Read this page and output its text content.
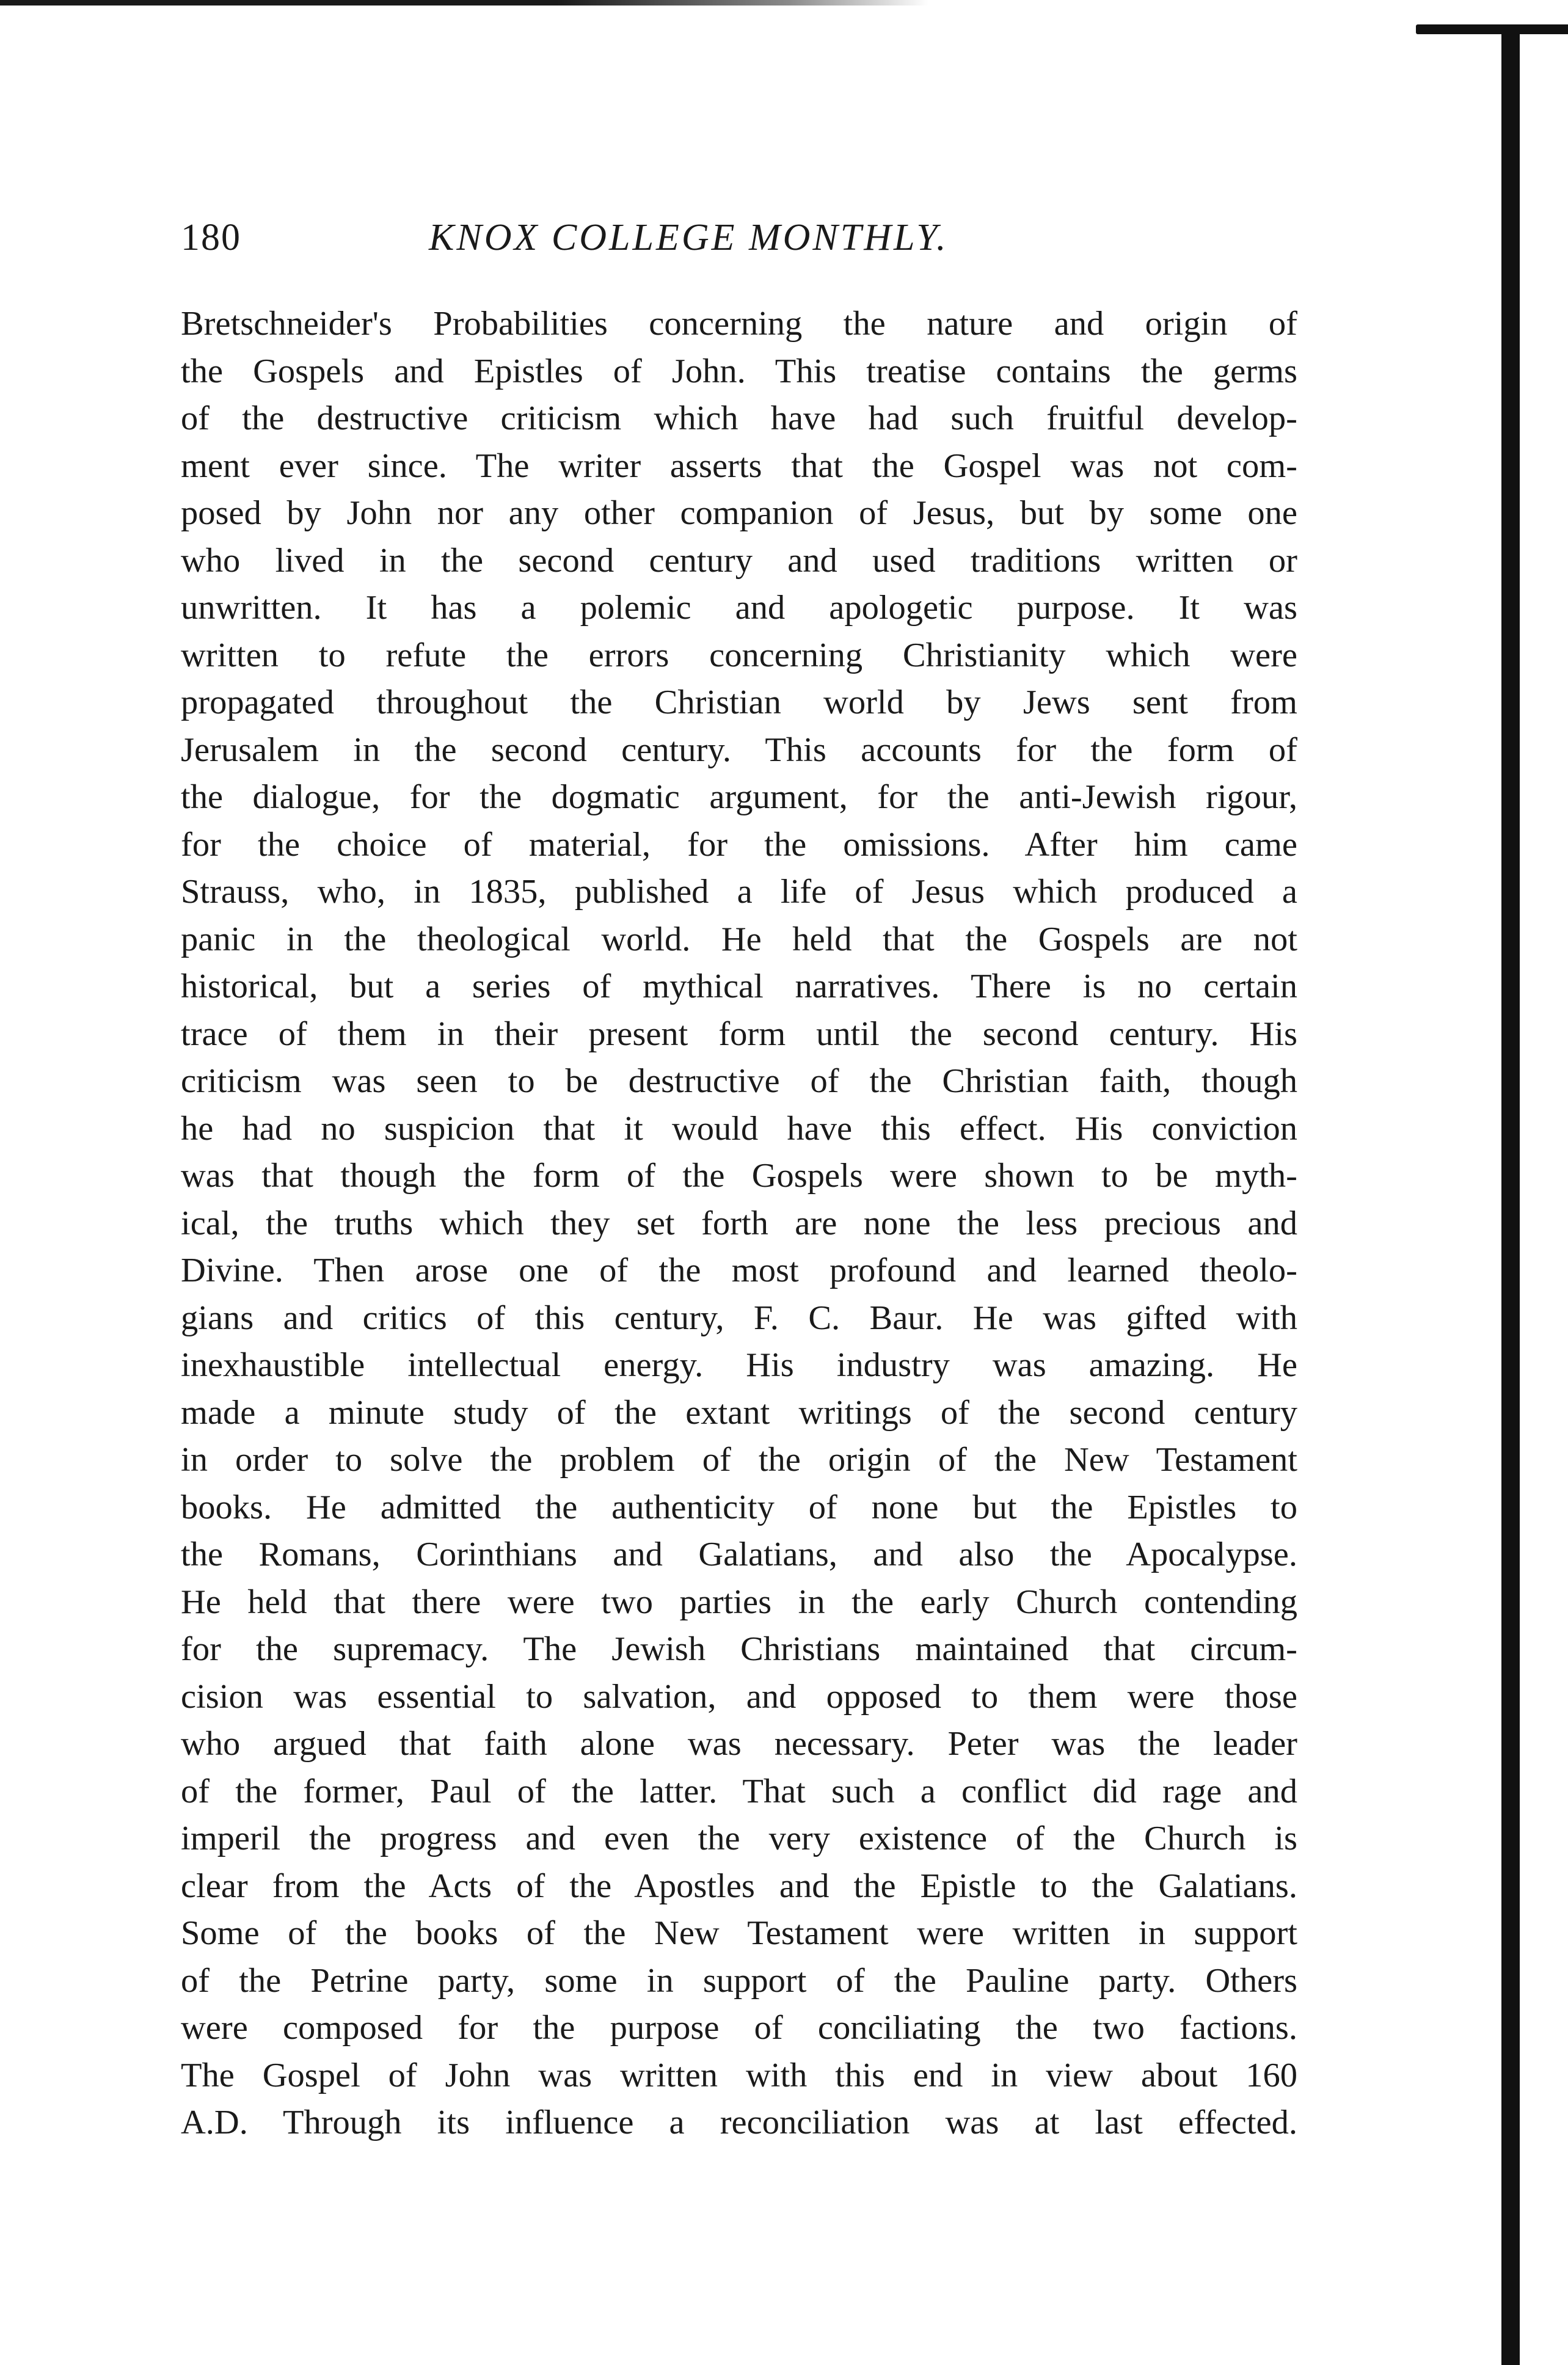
180	KNOX COLLEGE MONTHLY.
Bretschneider's Probabilities concerning the nature and origin of
the Gospels and Epistles of John. This treatise contains the germs
of the destructive criticism which have had such fruitful develop-
ment ever since. The writer asserts that the Gospel was not com-
posed by John nor any other companion of Jesus, but by some one
who lived in the second century and used traditions written or
unwritten. It has a polemic and apologetic purpose. It was
written to refute the errors concerning Christianity which were
propagated throughout the Christian world by Jews sent from
Jerusalem in the second century. This accounts for the form of
the dialogue, for the dogmatic argument, for the anti-Jewish rigour,
for the choice of material, for the omissions. After him came
Strauss, who, in 1835, published a life of Jesus which produced a
panic in the theological world. He held that the Gospels are not
historical, but a series of mythical narratives. There is no certain
trace of them in their present form until the second century. His
criticism was seen to be destructive of the Christian faith, though
he had no suspicion that it would have this effect. His conviction
was that though the form of the Gospels were shown to be myth-
ical, the truths which they set forth are none the less precious and
Divine. Then arose one of the most profound and learned theolo-
gians and critics of this century, F. C. Baur. He was gifted with
inexhaustible intellectual energy. His industry was amazing. He
made a minute study of the extant writings of the second century
in order to solve the problem of the origin of the New Testament
books. He admitted the authenticity of none but the Epistles to
the Romans, Corinthians and Galatians, and also the Apocalypse.
He held that there were two parties in the early Church contending
for the supremacy. The Jewish Christians maintained that circum-
cision was essential to salvation, and opposed to them were those
who argued that faith alone was necessary. Peter was the leader
of the former, Paul of the latter. That such a conflict did rage and
imperil the progress and even the very existence of the Church is
clear from the Acts of the Apostles and the Epistle to the Galatians.
Some of the books of the New Testament were written in support
of the Petrine party, some in support of the Pauline party. Others
were composed for the purpose of conciliating the two factions.
The Gospel of John was written with this end in view about 160
A.D. Through its influence a reconciliation was at last effected.
